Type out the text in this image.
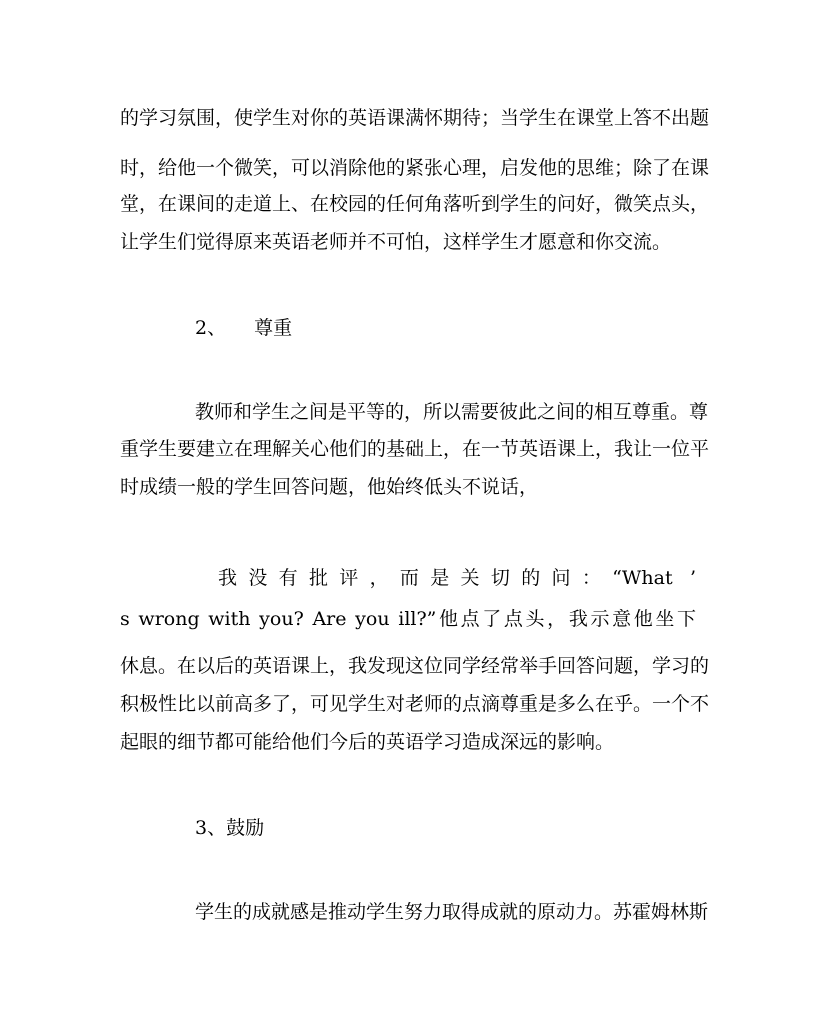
的学习氛围，使学生对你的英语课满怀期待；当学生在课堂上答不出题
时，给他一个微笑，可以消除他的紧张心理，启发他的思维；除了在课
堂，在课间的走道上、在校园的任何角落听到学生的问好，微笑点头，
让学生们觉得原来英语老师并不可怕，这样学生才愿意和你交流。
2、 尊重
教师和学生之间是平等的，所以需要彼此之间的相互尊重。尊
重学生要建立在理解关心他们的基础上，在一节英语课上，我让一位平
时成绩一般的学生回答问题，他始终低头不说话，
我没有批评，而是关切的问：“What ’
s wrong with you? Are you ill?”他点了点头，我示意他坐下
休息。在以后的英语课上，我发现这位同学经常举手回答问题，学习的
积极性比以前高多了，可见学生对老师的点滴尊重是多么在乎。一个不
起眼的细节都可能给他们今后的英语学习造成深远的影响。
3、鼓励
学生的成就感是推动学生努力取得成就的原动力。苏霍姆林斯
